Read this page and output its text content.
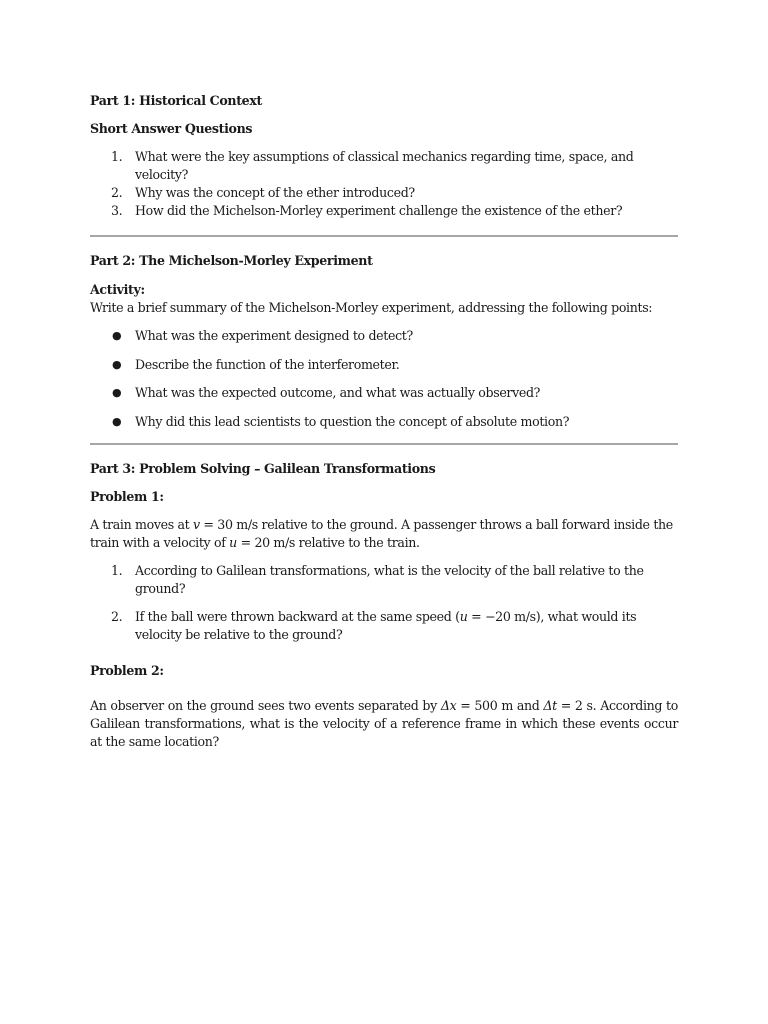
Part 1: Historical Context

Short Answer Questions

1. What were the key assumptions of classical mechanics regarding time, space, and velocity?
2. Why was the concept of the ether introduced?
3. How did the Michelson-Morley experiment challenge the existence of the ether?

Part 2: The Michelson-Morley Experiment

Activity:

Write a brief summary of the Michelson-Morley experiment, addressing the following points:

● What was the experiment designed to detect?
● Describe the function of the interferometer.
● What was the expected outcome, and what was actually observed?
● Why did this lead scientists to question the concept of absolute motion?

Part 3: Problem Solving – Galilean Transformations

Problem 1:

A train moves at v = 30 m/s relative to the ground. A passenger throws a ball forward inside the train with a velocity of u = 20 m/s relative to the train.

1. According to Galilean transformations, what is the velocity of the ball relative to the ground?
2. If the ball were thrown backward at the same speed (u = −20 m/s), what would its velocity be relative to the ground?

Problem 2:

An observer on the ground sees two events separated by Δx = 500 m and Δt = 2 s. According to Galilean transformations, what is the velocity of a reference frame in which these events occur at the same location?
